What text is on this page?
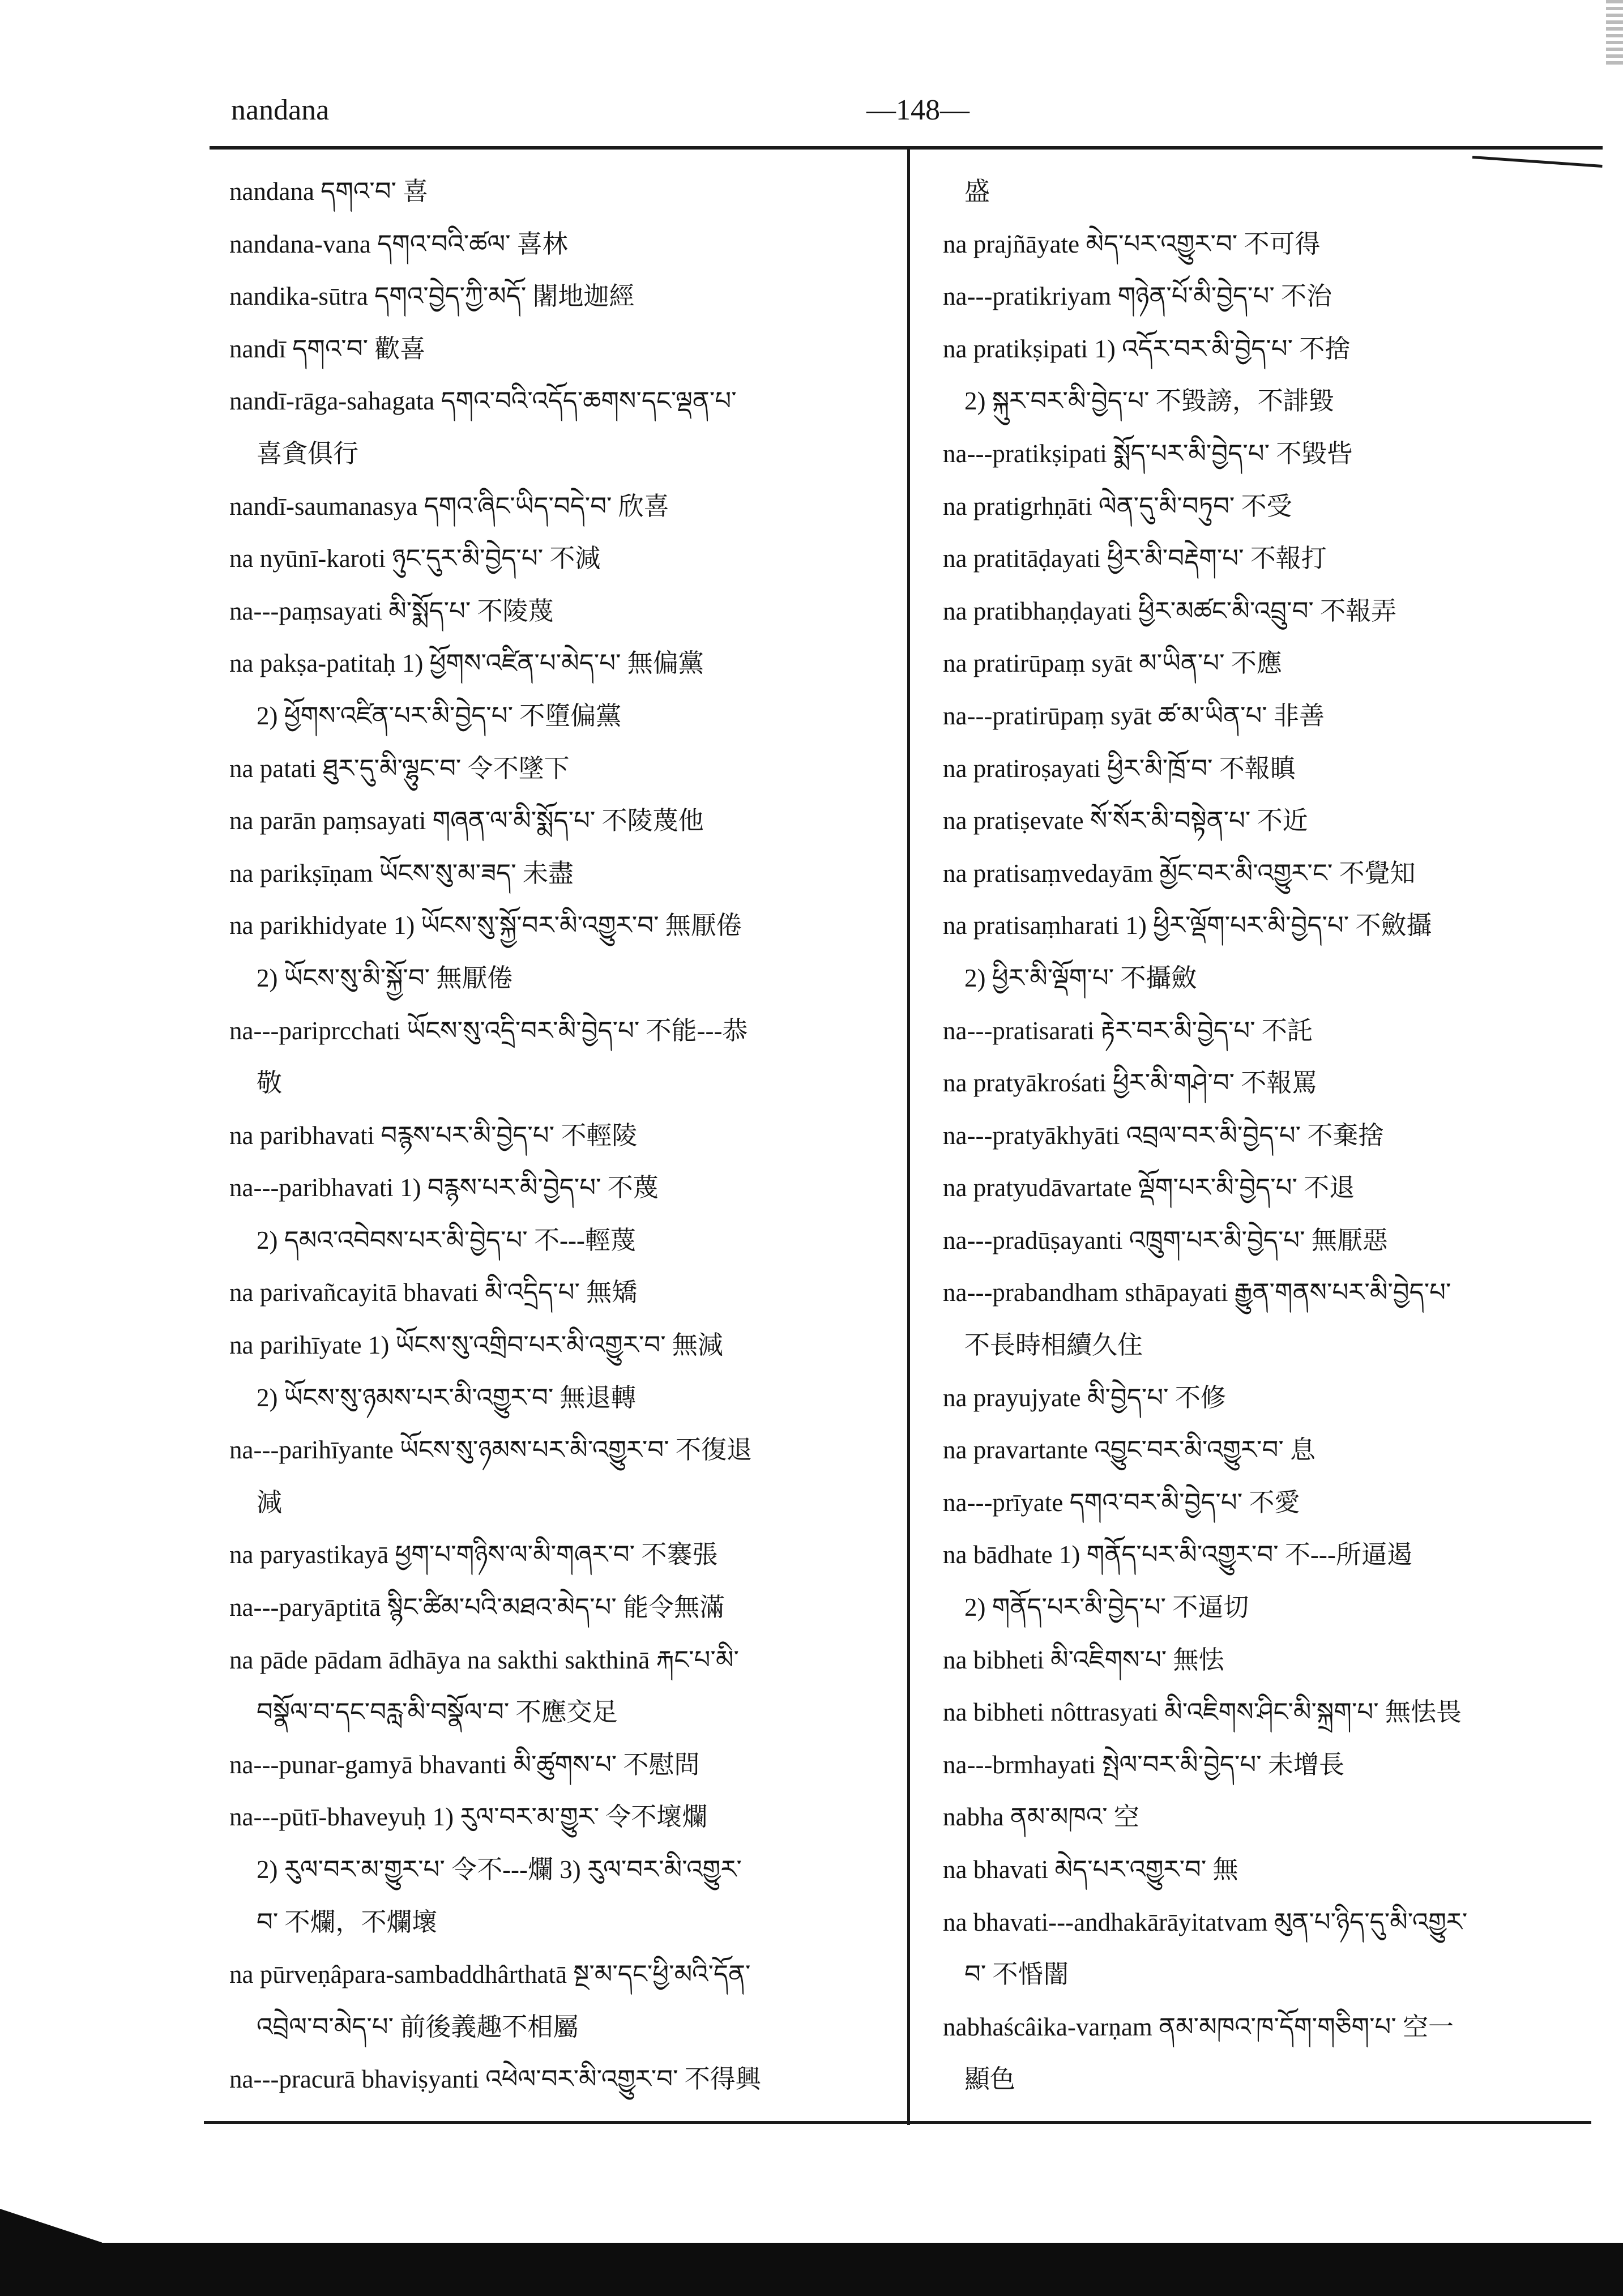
nandana	—148—
nandana དགའ་བ་ 喜
nandana-vana དགའ་བའི་ཚལ་ 喜林
nandika-sūtra དགའ་བྱེད་ཀྱི་མདོ་ 闍地迦經
nandī དགའ་བ་ 歡喜
nandī-rāga-sahagata དགའ་བའི་འདོད་ཆགས་དང་ལྡན་པ་
喜貪俱行
nandī-saumanasya དགའ་ཞིང་ཡིད་བདེ་བ་ 欣喜
na nyūnī-karoti ཉུང་དུར་མི་བྱེད་པ་ 不減
na---paṃsayati མི་སྨོད་པ་ 不陵蔑
na pakṣa-patitaḥ 1) ཕྱོགས་འཛིན་པ་མེད་པ་ 無偏黨
2) ཕྱོགས་འཛིན་པར་མི་བྱེད་པ་ 不墮偏黨
na patati ཐུར་དུ་མི་ལྷུང་བ་ 令不墜下
na parān paṃsayati གཞན་ལ་མི་སྨོད་པ་ 不陵蔑他
na parikṣīṇam ཡོངས་སུ་མ་ཟད་ 未盡
na parikhidyate 1) ཡོངས་སུ་སྐྱོ་བར་མི་འགྱུར་བ་ 無厭倦
2) ཡོངས་སུ་མི་སྐྱོ་བ་ 無厭倦
na---pariprcchati ཡོངས་སུ་འདྲི་བར་མི་བྱེད་པ་ 不能---恭
敬
na paribhavati བརྙས་པར་མི་བྱེད་པ་ 不輕陵
na---paribhavati 1) བརྙས་པར་མི་བྱེད་པ་ 不蔑
2) དམའ་འབེབས་པར་མི་བྱེད་པ་ 不---輕蔑
na parivañcayitā bhavati མི་འདྲིད་པ་ 無矯
na parihīyate 1) ཡོངས་སུ་འགྲིབ་པར་མི་འགྱུར་བ་ 無減
2) ཡོངས་སུ་ཉམས་པར་མི་འགྱུར་བ་ 無退轉
na---parihīyante ཡོངས་སུ་ཉམས་པར་མི་འགྱུར་བ་ 不復退
減
na paryastikayā ཕྱག་པ་གཉིས་ལ་མི་གཞར་བ་ 不褰張
na---paryāptitā སྙིང་ཚིམ་པའི་མཐའ་མེད་པ་ 能令無滿
na pāde pādam ādhāya na sakthi sakthinā རྐང་པ་མི་
བསྣོལ་བ་དང་བརླ་མི་བསྣོལ་བ་ 不應交足
na---punar-gamyā bhavanti མི་ཚུགས་པ་ 不慰問
na---pūtī-bhaveyuḥ 1) རུལ་བར་མ་གྱུར་ 令不壞爛
2) རུལ་བར་མ་གྱུར་པ་ 令不---爛 3) རུལ་བར་མི་འགྱུར་
བ་ 不爛，不爛壞
na pūrveṇâpara-sambaddhârthatā སྔ་མ་དང་ཕྱི་མའི་དོན་
འབྲེལ་བ་མེད་པ་ 前後義趣不相屬
na---pracurā bhaviṣyanti འཕེལ་བར་མི་འགྱུར་བ་ 不得興
盛
na prajñāyate མེད་པར་འགྱུར་བ་ 不可得
na---pratikriyam གཉེན་པོ་མི་བྱེད་པ་ 不治
na pratikṣipati 1) འདོར་བར་མི་བྱེད་པ་ 不捨
2) སྐུར་བར་མི་བྱེད་པ་ 不毀謗，不誹毀
na---pratikṣipati སྨོད་པར་མི་བྱེད་པ་ 不毀呰
na pratigrhṇāti ལེན་དུ་མི་བཏུབ་ 不受
na pratitāḍayati ཕྱིར་མི་བརྡེག་པ་ 不報打
na pratibhaṇḍayati ཕྱིར་མཚང་མི་འབྲུ་བ་ 不報弄
na pratirūpaṃ syāt མ་ཡིན་པ་ 不應
na---pratirūpaṃ syāt ཚ་མ་ཡིན་པ་ 非善
na pratiroṣayati ཕྱིར་མི་ཁྲོ་བ་ 不報瞋
na pratiṣevate སོ་སོར་མི་བསྟེན་པ་ 不近
na pratisaṃvedayām མྱོང་བར་མི་འགྱུར་ང་ 不覺知
na pratisaṃharati 1) ཕྱིར་ལྡོག་པར་མི་བྱེད་པ་ 不斂攝
2) ཕྱིར་མི་ལྡོག་པ་ 不攝斂
na---pratisarati རྟེར་བར་མི་བྱེད་པ་ 不託
na pratyākrośati ཕྱིར་མི་གཤེ་བ་ 不報罵
na---pratyākhyāti འབྲལ་བར་མི་བྱེད་པ་ 不棄捨
na pratyudāvartate ལྡོག་པར་མི་བྱེད་པ་ 不退
na---pradūṣayanti འཁྲུག་པར་མི་བྱེད་པ་ 無厭惡
na---prabandham sthāpayati རྒྱུན་གནས་པར་མི་བྱེད་པ་
不長時相續久住
na prayujyate མི་བྱེད་པ་ 不修
na pravartante འབྱུང་བར་མི་འགྱུར་བ་ 息
na---prīyate དགའ་བར་མི་བྱེད་པ་ 不愛
na bādhate 1) གནོད་པར་མི་འགྱུར་བ་ 不---所逼遏
2) གནོད་པར་མི་བྱེད་པ་ 不逼切
na bibheti མི་འཇིགས་པ་ 無怯
na bibheti nôttrasyati མི་འཇིགས་ཤིང་མི་སྐྲག་པ་ 無怯畏
na---brmhayati སྤེལ་བར་མི་བྱེད་པ་ 未增長
nabha ནམ་མཁའ་ 空
na bhavati མེད་པར་འགྱུར་བ་ 無
na bhavati---andhakārāyitatvam མུན་པ་ཉིད་དུ་མི་འགྱུར་
བ་ 不惛闇
nabhaścâika-varṇam ནམ་མཁའ་ཁ་དོག་གཅིག་པ་ 空一
顯色
